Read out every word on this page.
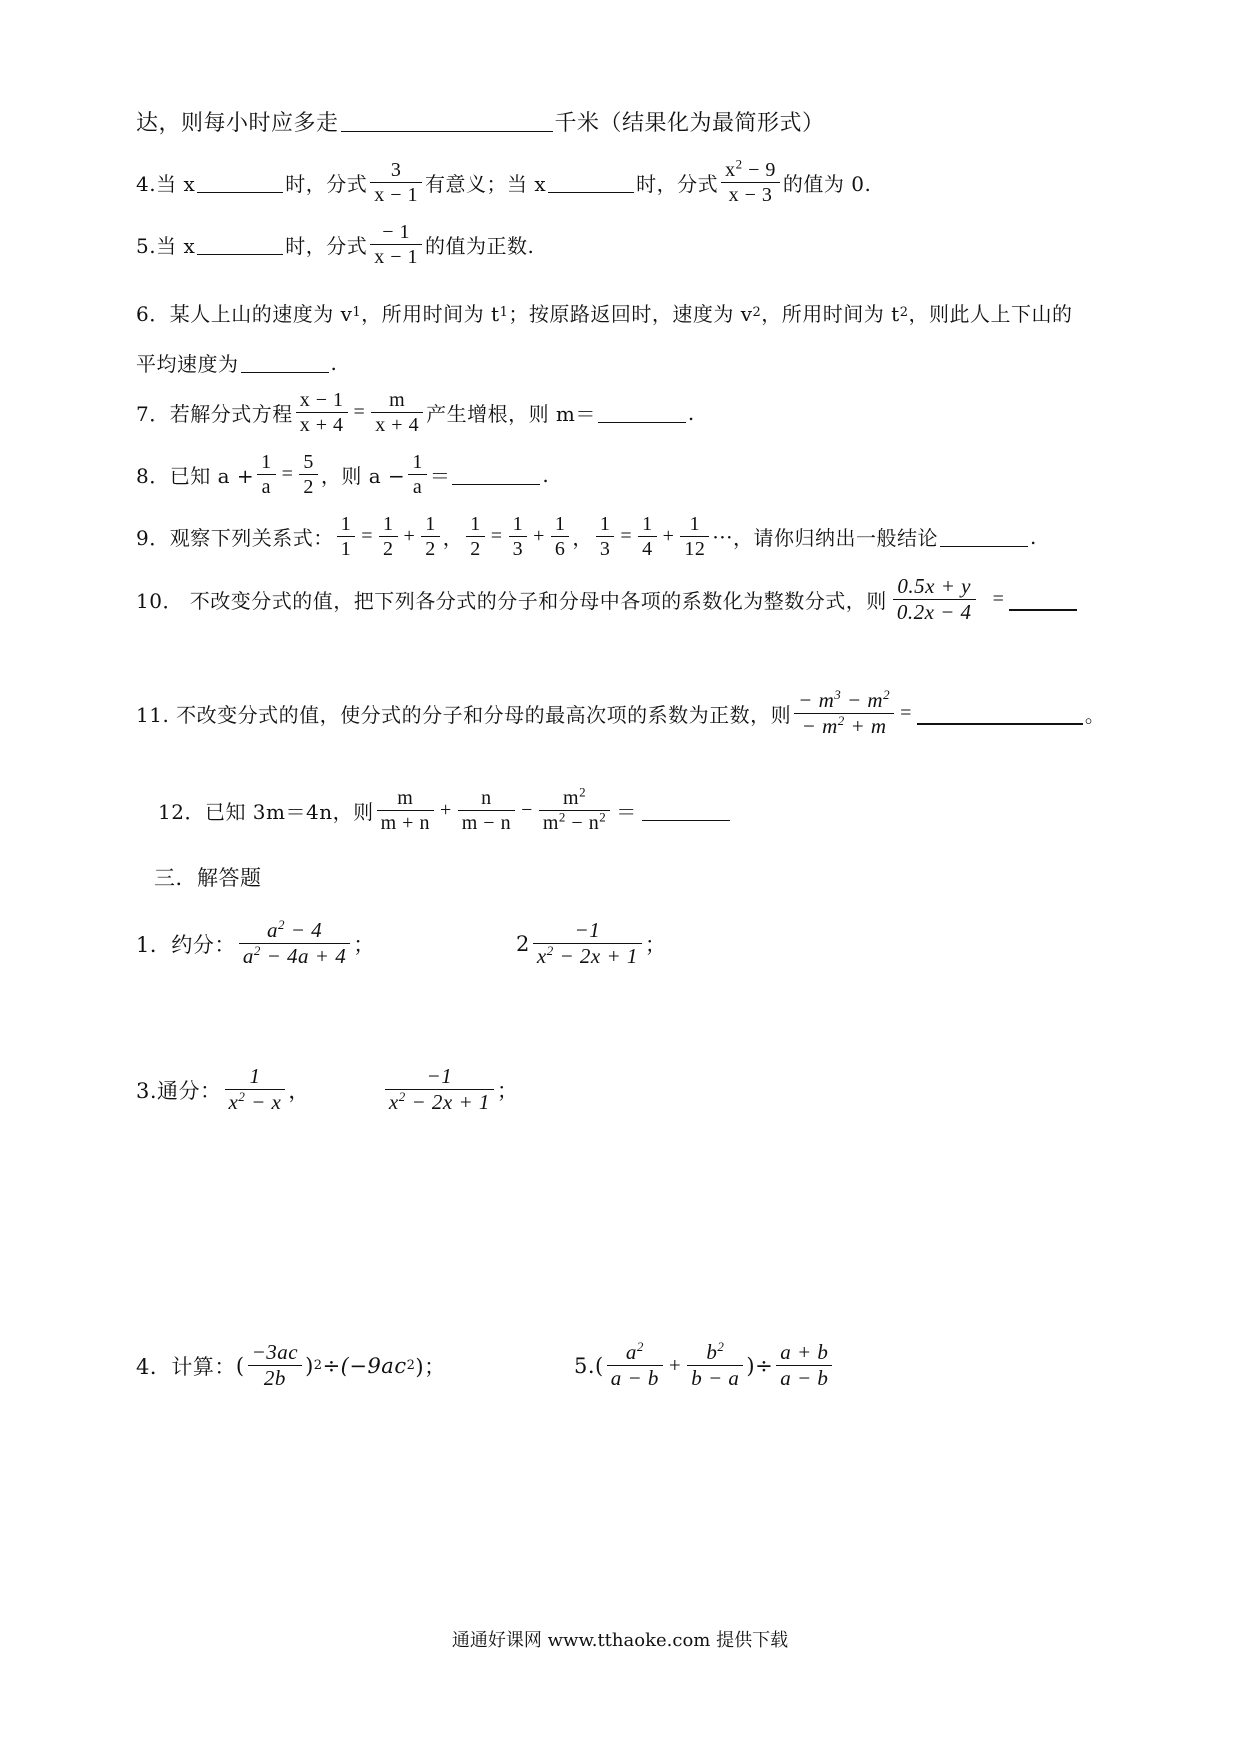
达，则每小时应多走	千米（结果化为最简形式）
4.当 x	时，分式 $\frac{3}{x - 1}$ 有意义；当 x	时，分式 $\frac{x^2 - 9}{x - 3}$ 的值为 0.
5.当 x	时，分式 $\frac{- 1}{x - 1}$ 的值为正数.
6．某人上山的速度为 v 1 ，所用时间为 t 1 ；按原路返回时，速度为 v 2 ，所用时间为 t 2 ，则此人上下山的
平均速度为	.
7．若解分式方程 $\frac{x - 1}{x + 4} = \frac{m}{x + 4}$ 产生增根，则 m＝	.
8．已知 $a + \frac{1}{a} = \frac{5}{2}$ ，则 $a - \frac{1}{a}$ ＝	.
9．观察下列关系式： $\frac{1}{1} = \frac{1}{2} + \frac{1}{2}$ ， $\frac{1}{2} = \frac{1}{3} + \frac{1}{6}$ ， $\frac{1}{3} = \frac{1}{4} + \frac{1}{12}$ ··· ，请你归纳出一般结论	.
10． 不改变分式的值，把下列各分式的分子和分母中各项的系数化为整数分式，则 $\frac{0.5x + y}{0.2x - 4}$ =
11. 不改变分式的值，使分式的分子和分母的最高次项的系数为正数，则 $\frac{- m^3 - m^2}{- m^2 + m}$ =	。
12．已知 3m＝4n，则 $\frac{m}{m + n} + \frac{n}{m - n} - \frac{m^2}{m^2 - n^2}$ ＝
三．解答题
1．约分： $\frac{a^2 - 4}{a^2 - 4a + 4}$ ；	$2 \frac{-1}{x^2 - 2x + 1}$ ；
3.通分： $\frac{1}{x^2 - x}$ ，	$\frac{-1}{x^2 - 2x + 1}$ ；
4．计算： ( $\frac{-3ac}{2b}$ ) 2 ÷(−9ac 2 )；	$5.( \frac{a^2}{a - b} + \frac{b^2}{b - a}$ )÷ $\frac{a + b}{a - b}$
通通好课网 www.tthaoke.com 提供下载
